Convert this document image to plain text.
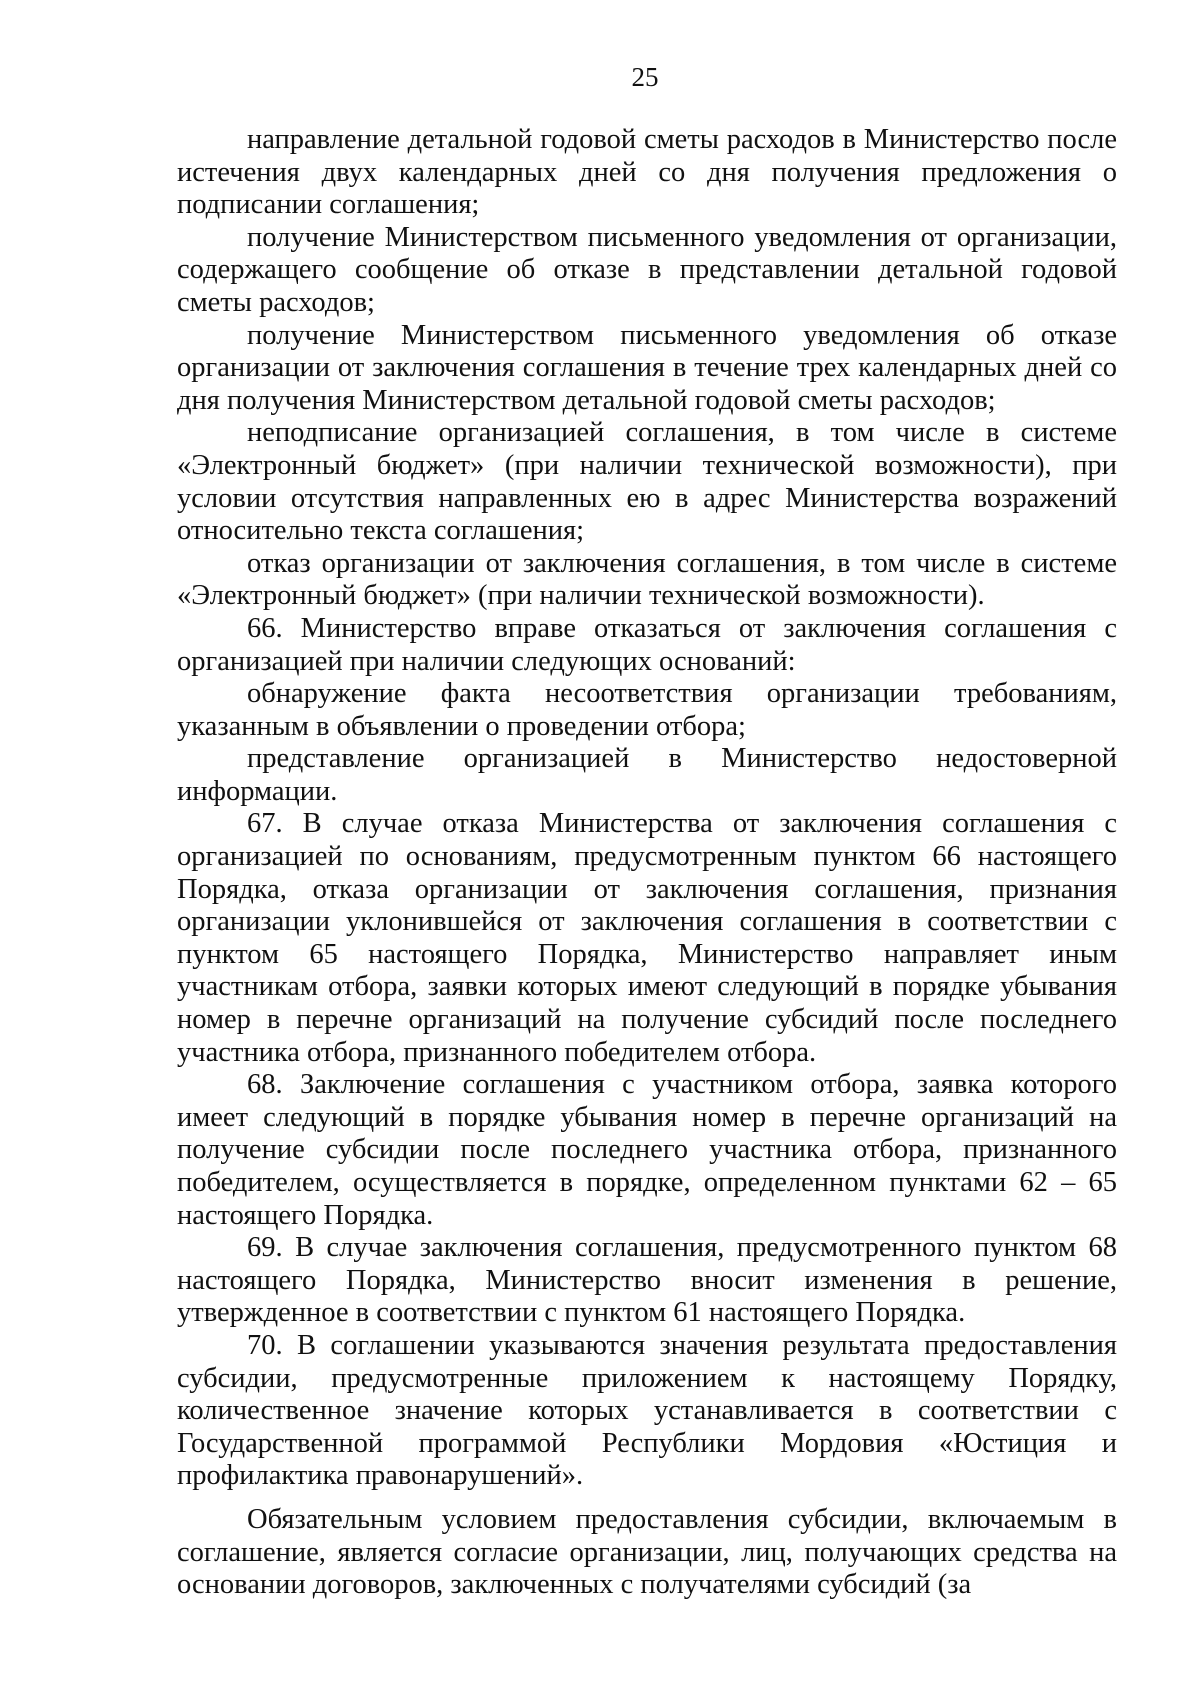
25

направление детальной годовой сметы расходов в Министерство после истечения двух календарных дней со дня получения предложения о подписании соглашения;

получение Министерством письменного уведомления от организации, содержащего сообщение об отказе в представлении детальной годовой сметы расходов;

получение Министерством письменного уведомления об отказе организации от заключения соглашения в течение трех календарных дней со дня получения Министерством детальной годовой сметы расходов;

неподписание организацией соглашения, в том числе в системе «Электронный бюджет» (при наличии технической возможности), при условии отсутствия направленных ею в адрес Министерства возражений относительно текста соглашения;

отказ организации от заключения соглашения, в том числе в системе «Электронный бюджет» (при наличии технической возможности).

66. Министерство вправе отказаться от заключения соглашения с организацией при наличии следующих оснований:

обнаружение факта несоответствия организации требованиям, указанным в объявлении о проведении отбора;

представление организацией в Министерство недостоверной информации.

67. В случае отказа Министерства от заключения соглашения с организацией по основаниям, предусмотренным пунктом 66 настоящего Порядка, отказа организации от заключения соглашения, признания организации уклонившейся от заключения соглашения в соответствии с пунктом 65 настоящего Порядка, Министерство направляет иным участникам отбора, заявки которых имеют следующий в порядке убывания номер в перечне организаций на получение субсидий после последнего участника отбора, признанного победителем отбора.

68. Заключение соглашения с участником отбора, заявка которого имеет следующий в порядке убывания номер в перечне организаций на получение субсидии после последнего участника отбора, признанного победителем, осуществляется в порядке, определенном пунктами 62 – 65 настоящего Порядка.

69. В случае заключения соглашения, предусмотренного пунктом 68 настоящего Порядка, Министерство вносит изменения в решение, утвержденное в соответствии с пунктом 61 настоящего Порядка.

70. В соглашении указываются значения результата предоставления субсидии, предусмотренные приложением к настоящему Порядку, количественное значение которых устанавливается в соответствии с Государственной программой Республики Мордовия «Юстиция и профилактика правонарушений».

Обязательным условием предоставления субсидии, включаемым в соглашение, является согласие организации, лиц, получающих средства на основании договоров, заключенных с получателями субсидий (за
